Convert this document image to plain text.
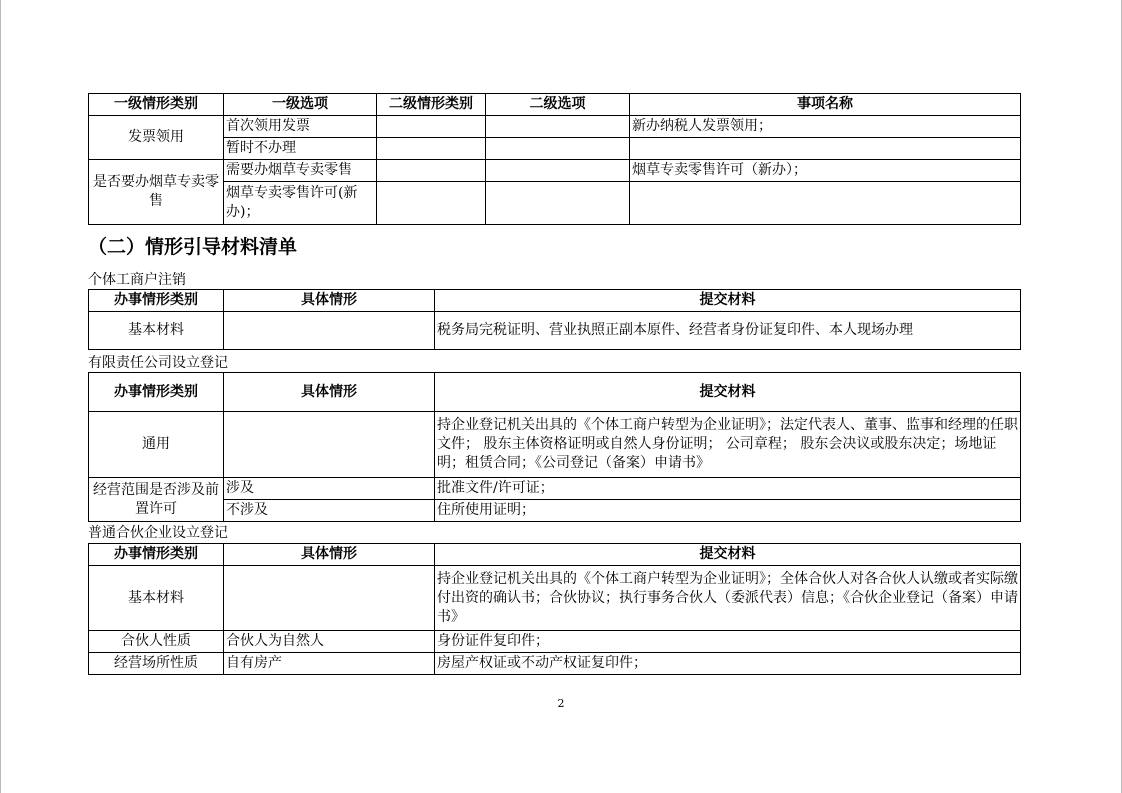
一级情形类别	一级选项	二级情形类别	二级选项	事项名称
发票领用	首次领用发票			新办纳税人发票领用；
	暂时不办理			
是否要办烟草专卖零售	需要办烟草专卖零售			烟草专卖零售许可（新办）；
	烟草专卖零售许可(新办)；			
（二）情形引导材料清单
个体工商户注销
办事情形类别	具体情形	提交材料
基本材料		税务局完税证明、营业执照正副本原件、经营者身份证复印件、本人现场办理
有限责任公司设立登记
办事情形类别	具体情形	提交材料
通用		持企业登记机关出具的《个体工商户转型为企业证明》；法定代表人、董事、监事和经理的任职文件； 股东主体资格证明或自然人身份证明； 公司章程； 股东会决议或股东决定；场地证明；租赁合同；《公司登记（备案）申请书》
经营范围是否涉及前置许可	涉及	批准文件/许可证；
	不涉及	住所使用证明；
普通合伙企业设立登记
办事情形类别	具体情形	提交材料
基本材料		持企业登记机关出具的《个体工商户转型为企业证明》；全体合伙人对各合伙人认缴或者实际缴付出资的确认书；合伙协议；执行事务合伙人（委派代表）信息；《合伙企业登记（备案）申请书》
合伙人性质	合伙人为自然人	身份证件复印件；
经营场所性质	自有房产	房屋产权证或不动产权证复印件；
2
